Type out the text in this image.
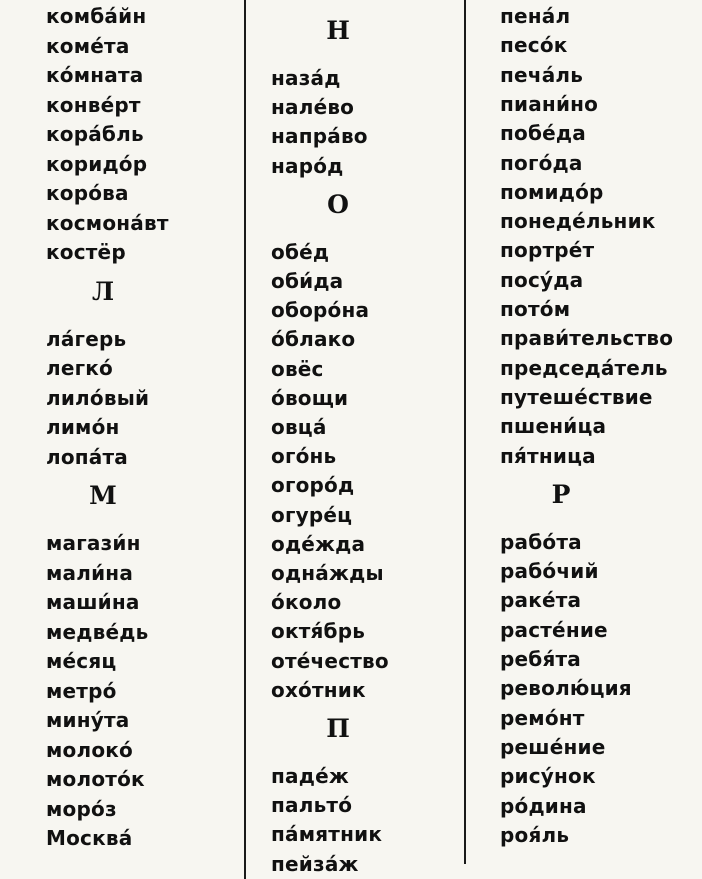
комба́йн
коме́та
ко́мната
конве́рт
кора́бль
коридо́р
коро́ва
космона́вт
костёр
Л
ла́герь
легко́
лило́вый
лимо́н
лопа́та
М
магази́н
мали́на
маши́на
медве́дь
ме́сяц
метро́
мину́та
молоко́
молото́к
моро́з
Москва́
Н
наза́д
нале́во
напра́во
наро́д
О
обе́д
оби́да
оборо́на
о́блако
овёс
о́вощи
овца́
ого́нь
огоро́д
огуре́ц
оде́жда
одна́жды
о́коло
октя́брь
оте́чество
охо́тник
П
паде́ж
пальто́
па́мятник
пейза́ж
пена́л
песо́к
печа́ль
пиани́но
побе́да
пого́да
помидо́р
понеде́льник
портре́т
посу́да
пото́м
прави́тельство
председа́тель
путеше́ствие
пшени́ца
пя́тница
Р
рабо́та
рабо́чий
раке́та
расте́ние
ребя́та
револю́ция
ремо́нт
реше́ние
рису́нок
ро́дина
роя́ль
